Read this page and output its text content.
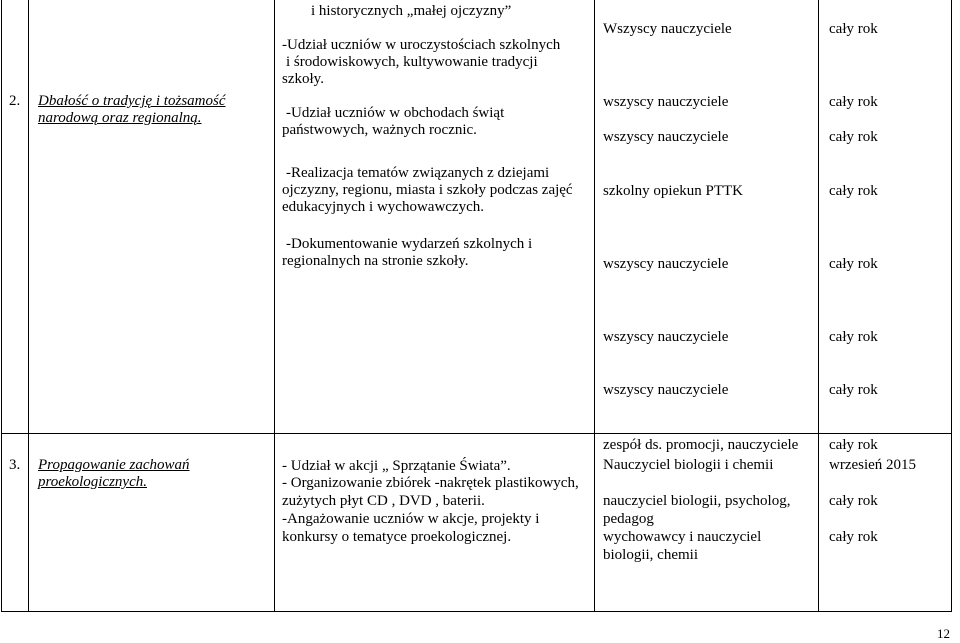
2. Dbałość o tradycję i tożsamość
narodową oraz regionalną.
i historycznych „małej ojczyzny”
-Udział uczniów w uroczystościach szkolnych
i środowiskowych, kultywowanie tradycji
szkoły.
-Udział uczniów w obchodach świąt
państwowych, ważnych rocznic.
-Realizacja tematów związanych z dziejami
ojczyzny, regionu, miasta i szkoły podczas zajęć
edukacyjnych i wychowawczych.
-Dokumentowanie wydarzeń szkolnych i
regionalnych na stronie szkoły.
Wszyscy nauczyciele
wszyscy nauczyciele
wszyscy nauczyciele
szkolny opiekun PTTK
wszyscy nauczyciele
wszyscy nauczyciele
wszyscy nauczyciele
cały rok
cały rok
cały rok
cały rok
cały rok
cały rok
cały rok
3. Propagowanie zachowań
proekologicznych.
- Udział w akcji „ Sprzątanie Świata”.
- Organizowanie zbiórek -nakrętek plastikowych,
zużytych płyt CD , DVD , baterii.
-Angażowanie uczniów w akcje, projekty i
konkursy o tematyce proekologicznej.
zespół ds. promocji, nauczyciele
Nauczyciel biologii i chemii
nauczyciel biologii, psycholog,
pedagog
wychowawcy i nauczyciel
biologii, chemii
cały rok
wrzesień 2015
cały rok
cały rok
12
